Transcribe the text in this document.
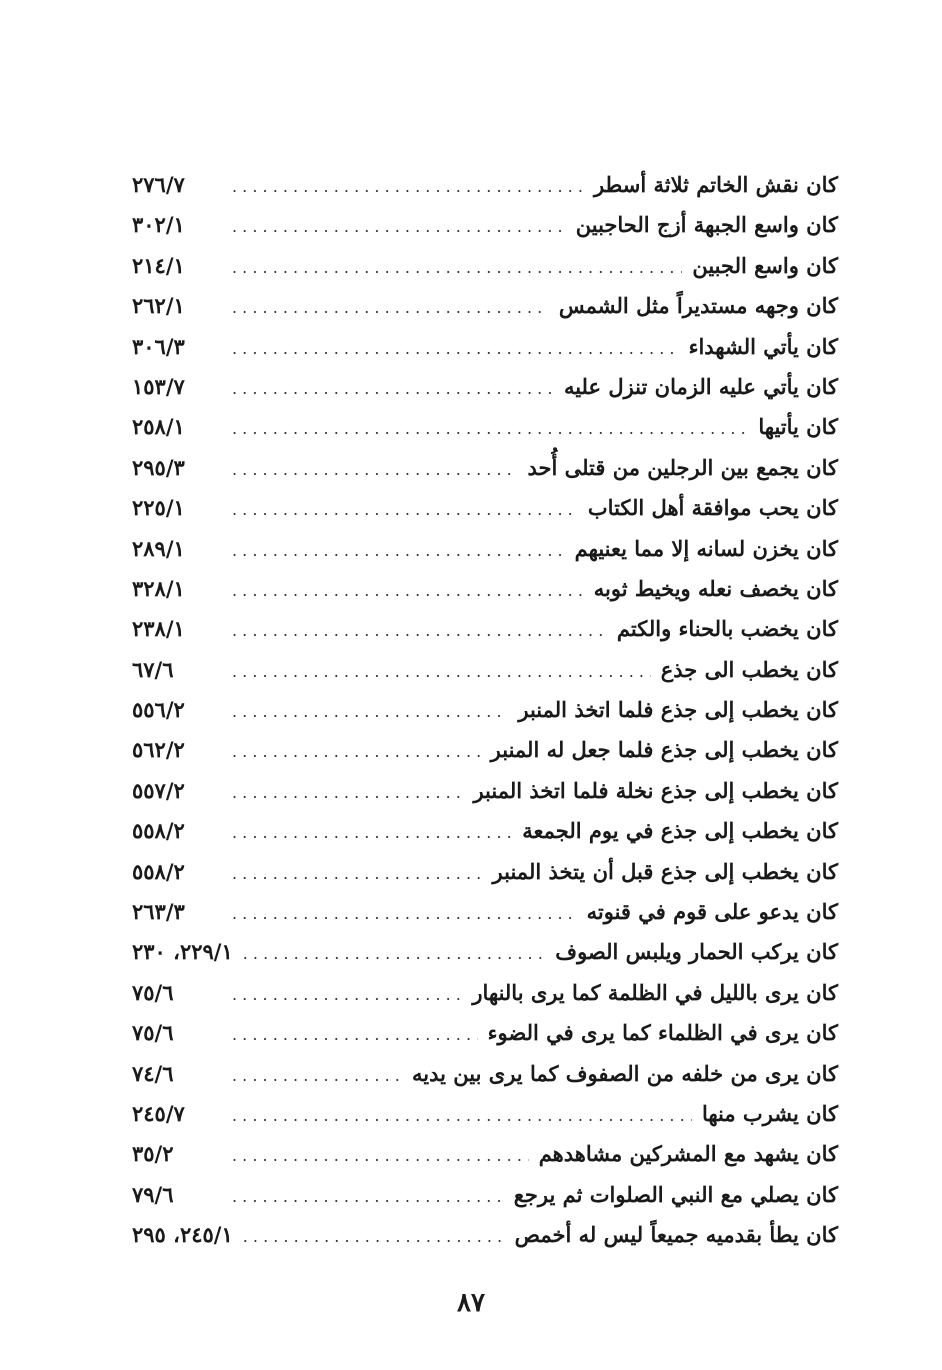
كان نقش الخاتم ثلاثة أسطر
. . .
٢٧٦/٧
كان واسع الجبهة أزج الحاجبين
. . .
٣٠٢/١
كان واسع الجبين
. . .
٢١٤/١
كان وجهه مستديراً مثل الشمس
. . .
٢٦٢/١
كان يأتي الشهداء
. . .
٣٠٦/٣
كان يأتي عليه الزمان تنزل عليه
. . .
١٥٣/٧
كان يأتيها
. . .
٢٥٨/١
كان يجمع بين الرجلين من قتلى أُحد
. . .
٢٩٥/٣
كان يحب موافقة أهل الكتاب
. . .
٢٢٥/١
كان يخزن لسانه إلا مما يعنيهم
. . .
٢٨٩/١
كان يخصف نعله ويخيط ثوبه
. . .
٣٢٨/١
كان يخضب بالحناء والكتم
. . .
٢٣٨/١
كان يخطب الى جذع
. . .
٦٧/٦
كان يخطب إلى جذع فلما اتخذ المنبر
. . .
٥٥٦/٢
كان يخطب إلى جذع فلما جعل له المنبر
. . .
٥٦٢/٢
كان يخطب إلى جذع نخلة فلما اتخذ المنبر
. . .
٥٥٧/٢
كان يخطب إلى جذع في يوم الجمعة
. . .
٥٥٨/٢
كان يخطب إلى جذع قبل أن يتخذ المنبر
. . .
٥٥٨/٢
كان يدعو على قوم في قنوته
. . .
٢٦٣/٣
كان يركب الحمار ويلبس الصوف
. . .
٢٢٩/١، ٢٣٠
كان يرى بالليل في الظلمة كما يرى بالنهار
. . .
٧٥/٦
كان يرى في الظلماء كما يرى في الضوء
. . .
٧٥/٦
كان يرى من خلفه من الصفوف كما يرى بين يديه
. . .
٧٤/٦
كان يشرب منها
. . .
٢٤٥/٧
كان يشهد مع المشركين مشاهدهم
. . .
٣٥/٢
كان يصلي مع النبي الصلوات ثم يرجع
. . .
٧٩/٦
كان يطأ بقدميه جميعاً ليس له أخمص
. . .
٢٤٥/١، ٢٩٥
٨٧
